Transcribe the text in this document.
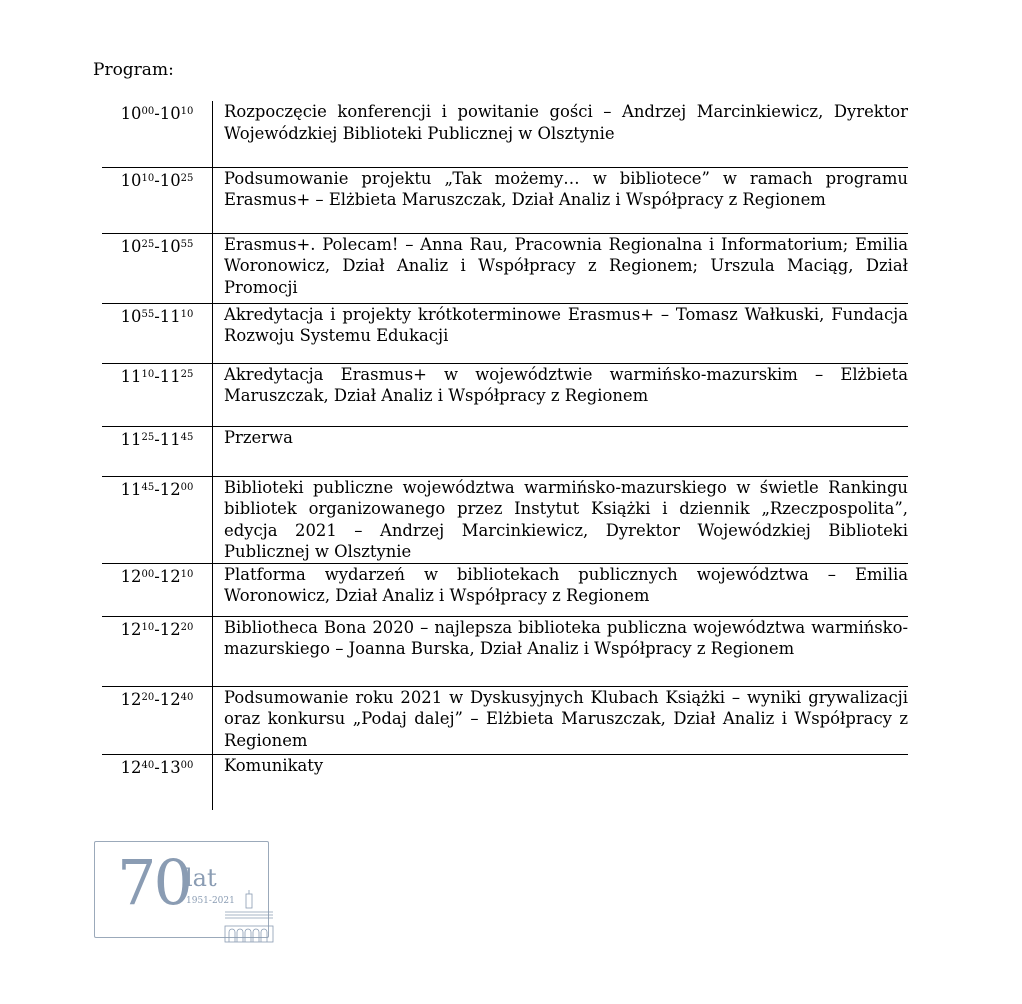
Program:
$10^{00}-10^{10}$	Rozpoczęcie konferencji i powitanie gości – Andrzej Marcinkiewicz, Dyrektor Wojewódzkiej Biblioteki Publicznej w Olsztynie
$10^{10}-10^{25}$	Podsumowanie projektu „Tak możemy… w bibliotece” w ramach programu Erasmus+ – Elżbieta Maruszczak, Dział Analiz i Współpracy z Regionem
$10^{25}-10^{55}$	Erasmus+. Polecam! – Anna Rau, Pracownia Regionalna i Informatorium; Emilia Woronowicz, Dział Analiz i Współpracy z Regionem; Urszula Maciąg, Dział Promocji
$10^{55}-11^{10}$	Akredytacja i projekty krótkoterminowe Erasmus+ – Tomasz Wałkuski, Fundacja Rozwoju Systemu Edukacji
$11^{10}-11^{25}$	Akredytacja Erasmus+ w województwie warmińsko-mazurskim – Elżbieta Maruszczak, Dział Analiz i Współpracy z Regionem
$11^{25}-11^{45}$	Przerwa
$11^{45}-12^{00}$	Biblioteki publiczne województwa warmińsko-mazurskiego w świetle Rankingu bibliotek organizowanego przez Instytut Książki i dziennik „Rzeczpospolita”, edycja 2021 – Andrzej Marcinkiewicz, Dyrektor Wojewódzkiej Biblioteki Publicznej w Olsztynie
$12^{00}-12^{10}$	Platforma wydarzeń w bibliotekach publicznych województwa – Emilia Woronowicz, Dział Analiz i Współpracy z Regionem
$12^{10}-12^{20}$	Bibliotheca Bona 2020 – najlepsza biblioteka publiczna województwa warmińsko-mazurskiego – Joanna Burska, Dział Analiz i Współpracy z Regionem
$12^{20}-12^{40}$	Podsumowanie roku 2021 w Dyskusyjnych Klubach Książki – wyniki grywalizacji oraz konkursu „Podaj dalej” – Elżbieta Maruszczak, Dział Analiz i Współpracy z Regionem
$12^{40}-13^{00}$	Komunikaty
70
lat
1951-2021
